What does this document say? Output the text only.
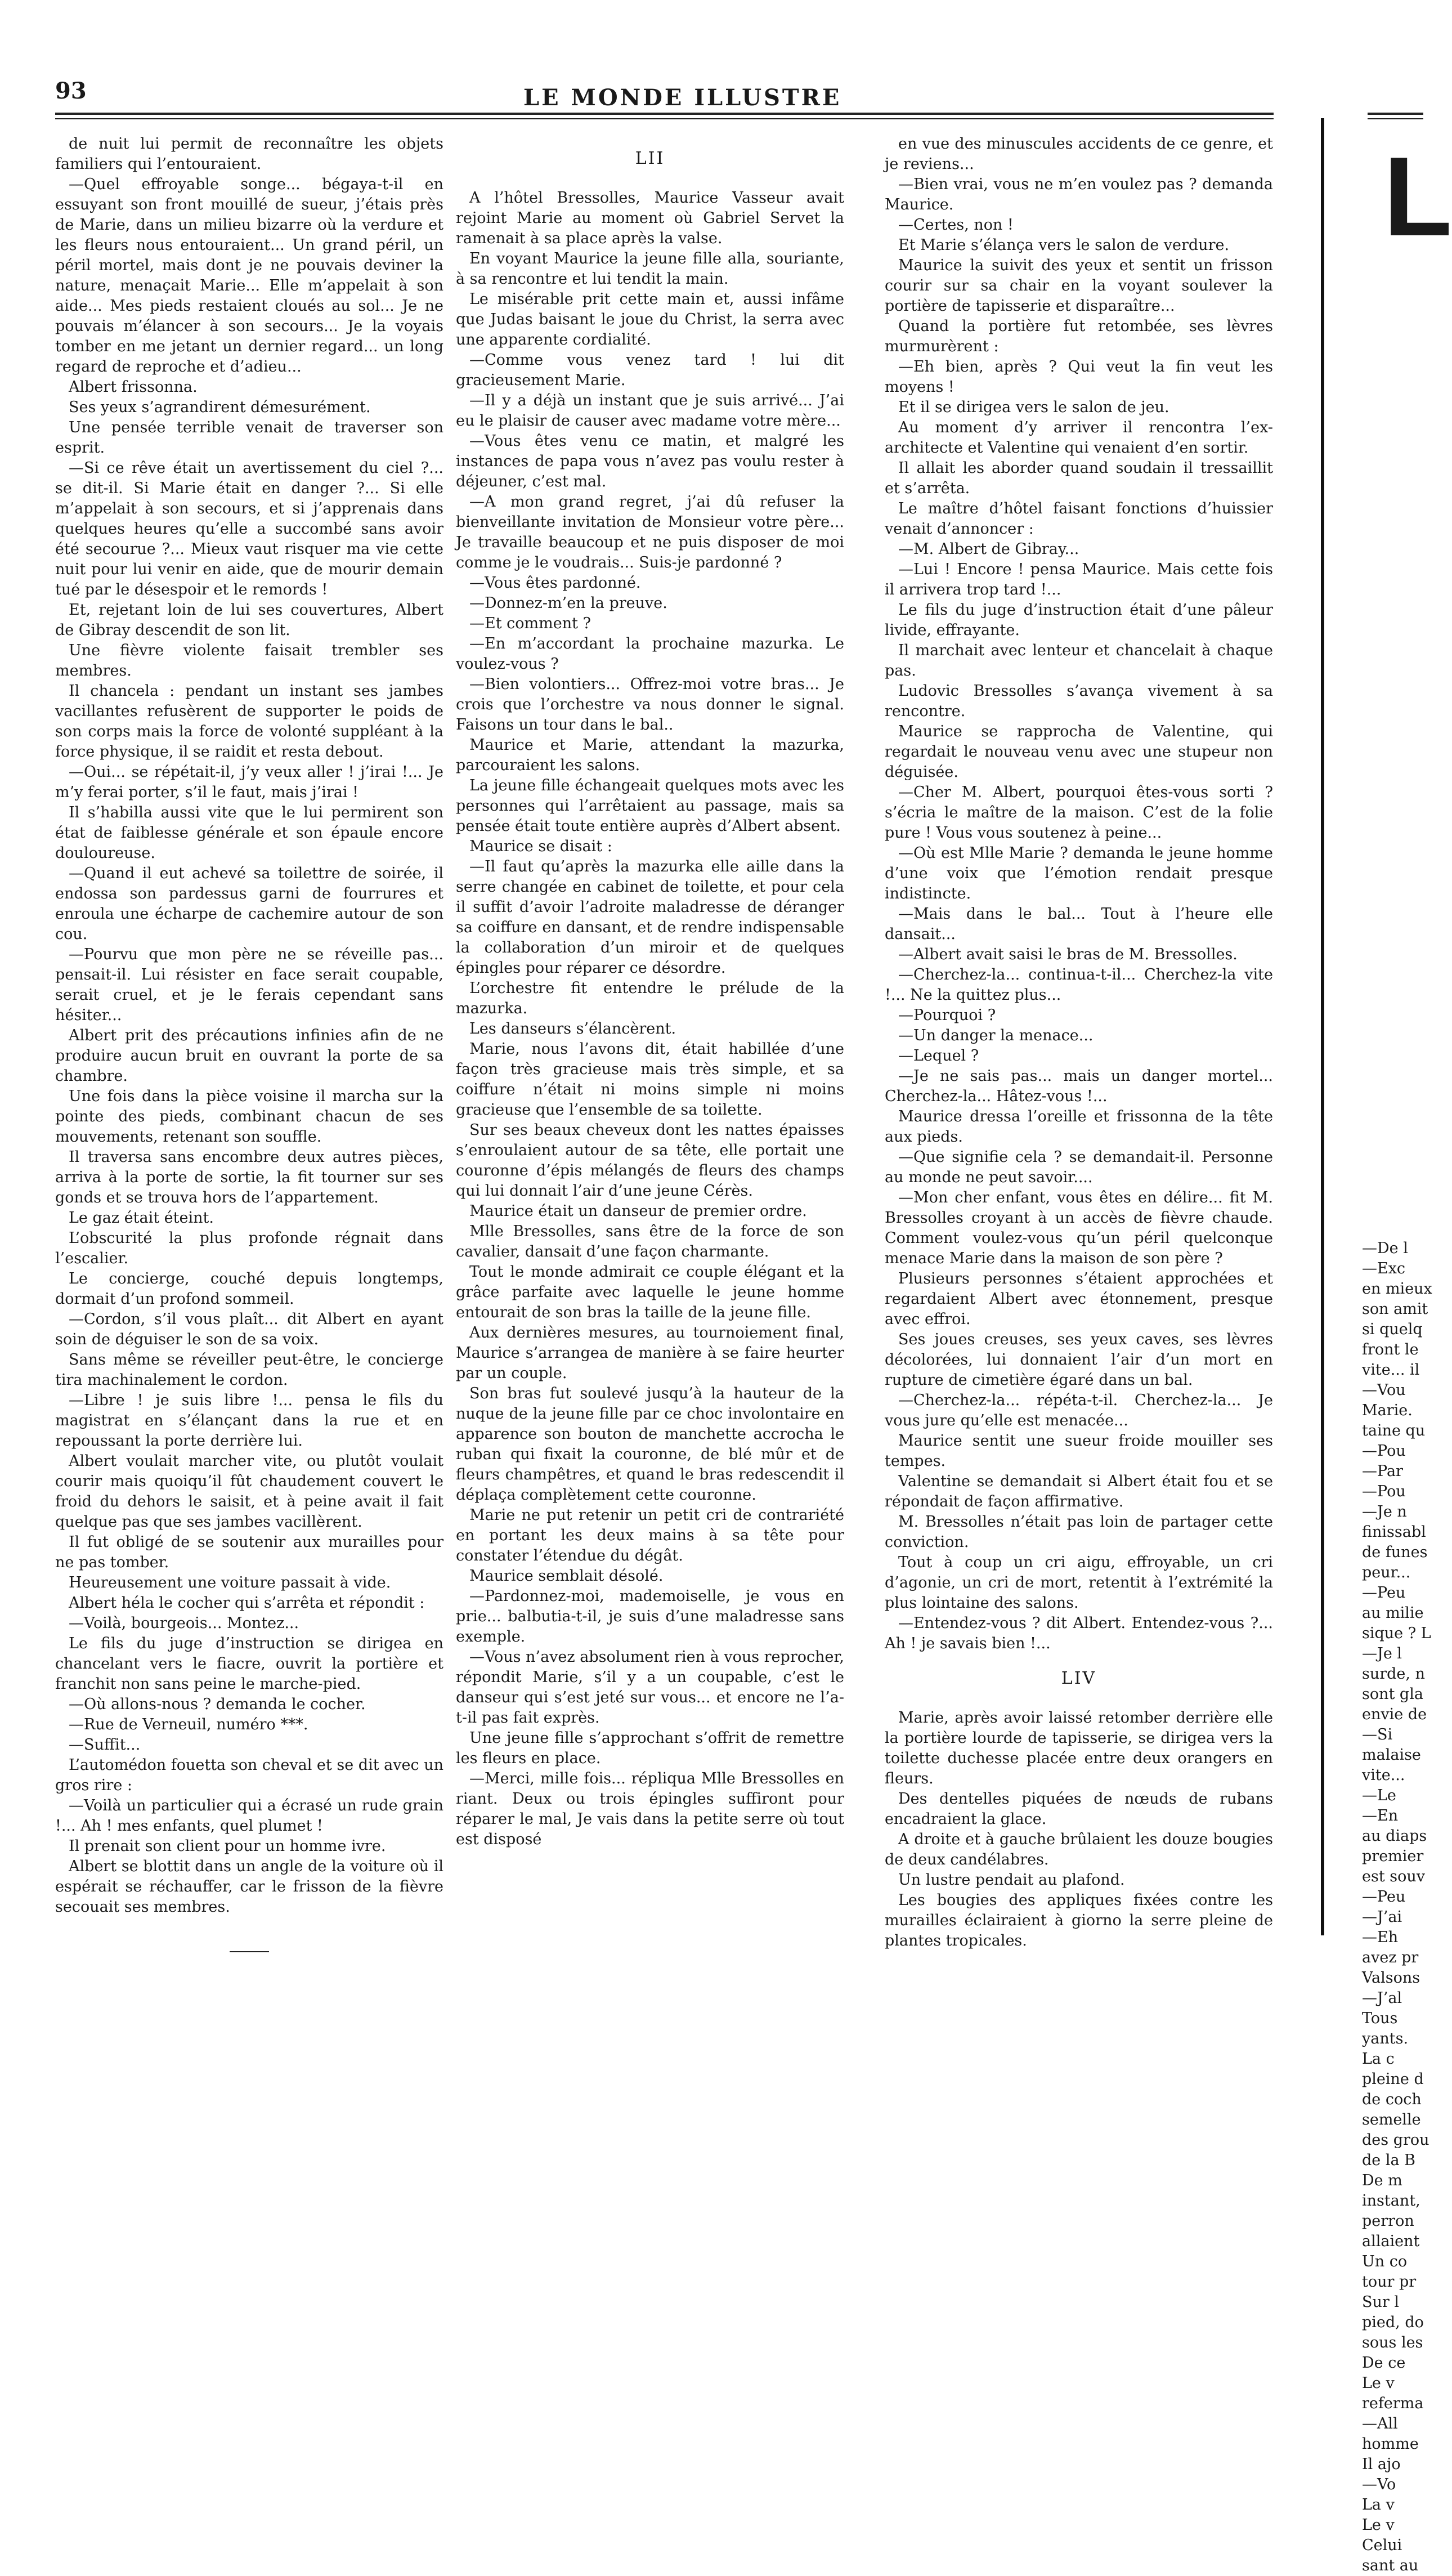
93	LE MONDE ILLUSTRE

de nuit lui permit de reconnaître les objets familiers qui l’entouraient.

—Quel effroyable songe... bégaya-t-il en essuyant son front mouillé de sueur, j’étais près de Marie, dans un milieu bizarre où la verdure et les fleurs nous entouraient... Un grand péril, un péril mortel, mais dont je ne pouvais deviner la nature, menaçait Marie... Elle m’appelait à son aide... Mes pieds restaient cloués au sol... Je ne pouvais m’élancer à son secours... Je la voyais tomber en me jetant un dernier regard... un long regard de reproche et d’adieu...

Albert frissonna.

Ses yeux s’agrandirent démesurément.

Une pensée terrible venait de traverser son esprit.

—Si ce rêve était un avertissement du ciel ?... se dit-il. Si Marie était en danger ?... Si elle m’appelait à son secours, et si j’apprenais dans quelques heures qu’elle a succombé sans avoir été secourue ?... Mieux vaut risquer ma vie cette nuit pour lui venir en aide, que de mourir demain tué par le désespoir et le remords !

Et, rejetant loin de lui ses couvertures, Albert de Gibray descendit de son lit.

Une fièvre violente faisait trembler ses membres.

Il chancela : pendant un instant ses jambes vacillantes refusèrent de supporter le poids de son corps mais la force de volonté suppléant à la force physique, il se raidit et resta debout.

—Oui... se répétait-il, j’y veux aller ! j’irai !... Je m’y ferai porter, s’il le faut, mais j’irai !

Il s’habilla aussi vite que le lui permirent son état de faiblesse générale et son épaule encore douloureuse.

—Quand il eut achevé sa toilettre de soirée, il endossa son pardessus garni de fourrures et enroula une écharpe de cachemire autour de son cou.

—Pourvu que mon père ne se réveille pas... pensait-il. Lui résister en face serait coupable, serait cruel, et je le ferais cependant sans hésiter...

Albert prit des précautions infinies afin de ne produire aucun bruit en ouvrant la porte de sa chambre.

Une fois dans la pièce voisine il marcha sur la pointe des pieds, combinant chacun de ses mouvements, retenant son souffle.

Il traversa sans encombre deux autres pièces, arriva à la porte de sortie, la fit tourner sur ses gonds et se trouva hors de l’appartement.

Le gaz était éteint.

L’obscurité la plus profonde régnait dans l’escalier.

Le concierge, couché depuis longtemps, dormait d’un profond sommeil.

—Cordon, s’il vous plaît... dit Albert en ayant soin de déguiser le son de sa voix.

Sans même se réveiller peut-être, le concierge tira machinalement le cordon.

—Libre ! je suis libre !... pensa le fils du magistrat en s’élançant dans la rue et en repoussant la porte derrière lui.

Albert voulait marcher vite, ou plutôt voulait courir mais quoiqu’il fût chaudement couvert le froid du dehors le saisit, et à peine avait il fait quelque pas que ses jambes vacillèrent.

Il fut obligé de se soutenir aux murailles pour ne pas tomber.

Heureusement une voiture passait à vide.

Albert héla le cocher qui s’arrêta et répondit :

—Voilà, bourgeois... Montez...

Le fils du juge d’instruction se dirigea en chancelant vers le fiacre, ouvrit la portière et franchit non sans peine le marche-pied.

—Où allons-nous ? demanda le cocher.

—Rue de Verneuil, numéro ***.

—Suffit...

L’automédon fouetta son cheval et se dit avec un gros rire :

—Voilà un particulier qui a écrasé un rude grain !... Ah ! mes enfants, quel plumet !

Il prenait son client pour un homme ivre.

Albert se blottit dans un angle de la voiture où il espérait se réchauffer, car le frisson de la fièvre secouait ses membres.

LII

A l’hôtel Bressolles, Maurice Vasseur avait rejoint Marie au moment où Gabriel Servet la ramenait à sa place après la valse.

En voyant Maurice la jeune fille alla, souriante, à sa rencontre et lui tendit la main.

Le misérable prit cette main et, aussi infâme que Judas baisant le joue du Christ, la serra avec une apparente cordialité.

—Comme vous venez tard ! lui dit gracieusement Marie.

—Il y a déjà un instant que je suis arrivé... J’ai eu le plaisir de causer avec madame votre mère...

—Vous êtes venu ce matin, et malgré les instances de papa vous n’avez pas voulu rester à déjeuner, c’est mal.

—A mon grand regret, j’ai dû refuser la bienveillante invitation de Monsieur votre père... Je travaille beaucoup et ne puis disposer de moi comme je le voudrais... Suis-je pardonné ?

—Vous êtes pardonné.

—Donnez-m’en la preuve.

—Et comment ?

—En m’accordant la prochaine mazurka. Le voulez-vous ?

—Bien volontiers... Offrez-moi votre bras... Je crois que l’orchestre va nous donner le signal. Faisons un tour dans le bal..

Maurice et Marie, attendant la mazurka, parcouraient les salons.

La jeune fille échangeait quelques mots avec les personnes qui l’arrêtaient au passage, mais sa pensée était toute entière auprès d’Albert absent.

Maurice se disait :

—Il faut qu’après la mazurka elle aille dans la serre changée en cabinet de toilette, et pour cela il suffit d’avoir l’adroite maladresse de déranger sa coiffure en dansant, et de rendre indispensable la collaboration d’un miroir et de quelques épingles pour réparer ce désordre.

L’orchestre fit entendre le prélude de la mazurka.

Les danseurs s’élancèrent.

Marie, nous l’avons dit, était habillée d’une façon très gracieuse mais très simple, et sa coiffure n’était ni moins simple ni moins gracieuse que l’ensemble de sa toilette.

Sur ses beaux cheveux dont les nattes épaisses s’enroulaient autour de sa tête, elle portait une couronne d’épis mélangés de fleurs des champs qui lui donnait l’air d’une jeune Cérès.

Maurice était un danseur de premier ordre.

Mlle Bressolles, sans être de la force de son cavalier, dansait d’une façon charmante.

Tout le monde admirait ce couple élégant et la grâce parfaite avec laquelle le jeune homme entourait de son bras la taille de la jeune fille.

Aux dernières mesures, au tournoiement final, Maurice s’arrangea de manière à se faire heurter par un couple.

Son bras fut soulevé jusqu’à la hauteur de la nuque de la jeune fille par ce choc involontaire en apparence son bouton de manchette accrocha le ruban qui fixait la couronne, de blé mûr et de fleurs champêtres, et quand le bras redescendit il déplaça complètement cette couronne.

Marie ne put retenir un petit cri de contrariété en portant les deux mains à sa tête pour constater l’étendue du dégât.

Maurice semblait désolé.

—Pardonnez-moi, mademoiselle, je vous en prie... balbutia-t-il, je suis d’une maladresse sans exemple.

—Vous n’avez absolument rien à vous reprocher, répondit Marie, s’il y a un coupable, c’est le danseur qui s’est jeté sur vous... et encore ne l’a-t-il pas fait exprès.

Une jeune fille s’approchant s’offrit de remettre les fleurs en place.

—Merci, mille fois... répliqua Mlle Bressolles en riant. Deux ou trois épingles suffiront pour réparer le mal, Je vais dans la petite serre où tout est disposé

en vue des minuscules accidents de ce genre, et je reviens...

—Bien vrai, vous ne m’en voulez pas ? demanda Maurice.

—Certes, non !

Et Marie s’élança vers le salon de verdure.

Maurice la suivit des yeux et sentit un frisson courir sur sa chair en la voyant soulever la portière de tapisserie et disparaître...

Quand la portière fut retombée, ses lèvres murmurèrent :

—Eh bien, après ? Qui veut la fin veut les moyens !

Et il se dirigea vers le salon de jeu.

Au moment d’y arriver il rencontra l’ex-architecte et Valentine qui venaient d’en sortir.

Il allait les aborder quand soudain il tressaillit et s’arrêta.

Le maître d’hôtel faisant fonctions d’huissier venait d’annoncer :

—M. Albert de Gibray...

—Lui ! Encore ! pensa Maurice. Mais cette fois il arrivera trop tard !...

Le fils du juge d’instruction était d’une pâleur livide, effrayante.

Il marchait avec lenteur et chancelait à chaque pas.

Ludovic Bressolles s’avança vivement à sa rencontre.

Maurice se rapprocha de Valentine, qui regardait le nouveau venu avec une stupeur non déguisée.

—Cher M. Albert, pourquoi êtes-vous sorti ? s’écria le maître de la maison. C’est de la folie pure ! Vous vous soutenez à peine...

—Où est Mlle Marie ? demanda le jeune homme d’une voix que l’émotion rendait presque indistincte.

—Mais dans le bal... Tout à l’heure elle dansait...

—Albert avait saisi le bras de M. Bressolles.

—Cherchez-la... continua-t-il... Cherchez-la vite !... Ne la quittez plus...

—Pourquoi ?

—Un danger la menace...

—Lequel ?

—Je ne sais pas... mais un danger mortel... Cherchez-la... Hâtez-vous !...

Maurice dressa l’oreille et frissonna de la tête aux pieds.

—Que signifie cela ? se demandait-il. Personne au monde ne peut savoir....

—Mon cher enfant, vous êtes en délire... fit M. Bressolles croyant à un accès de fièvre chaude. Comment voulez-vous qu’un péril quelconque menace Marie dans la maison de son père ?

Plusieurs personnes s’étaient approchées et regardaient Albert avec étonnement, presque avec effroi.

Ses joues creuses, ses yeux caves, ses lèvres décolorées, lui donnaient l’air d’un mort en rupture de cimetière égaré dans un bal.

—Cherchez-la... répéta-t-il. Cherchez-la... Je vous jure qu’elle est menacée...

Maurice sentit une sueur froide mouiller ses tempes.

Valentine se demandait si Albert était fou et se répondait de façon affirmative.

M. Bressolles n’était pas loin de partager cette conviction.

Tout à coup un cri aigu, effroyable, un cri d’agonie, un cri de mort, retentit à l’extrémité la plus lointaine des salons.

—Entendez-vous ? dit Albert. Entendez-vous ?... Ah ! je savais bien !...

LIV

Marie, après avoir laissé retomber derrière elle la portière lourde de tapisserie, se dirigea vers la toilette duchesse placée entre deux orangers en fleurs.

Des dentelles piquées de nœuds de rubans encadraient la glace.

A droite et à gauche brûlaient les douze bougies de deux candélabres.

Un lustre pendait au plafond.

Les bougies des appliques fixées contre les murailles éclairaient à giorno la serre pleine de plantes tropicales.

L
—De l
—Exc
en mieux
son amit
si quelq
front le
vite... il
—Vou
Marie.
taine qu
—Pou
—Par
—Pou
—Je n
finissabl
de funes
peur...
—Peu
au milie
sique ? L
—Je l
surde, n
sont gla
envie de
—Si
malaise
vite...
—Le
—En
au diaps
premier
est souv
—Peu
—J’ai
—Eh
avez pr
Valsons
—J’al
Tous
yants.
La c
pleine d
de coch
semelle
des grou
de la B
De m
instant,
perron
allaient
Un co
tour pr
Sur l
pied, do
sous les
De ce
Le v
referma
—All
homme
Il ajo
—Vo
La v
Le v
Celui
sant au
